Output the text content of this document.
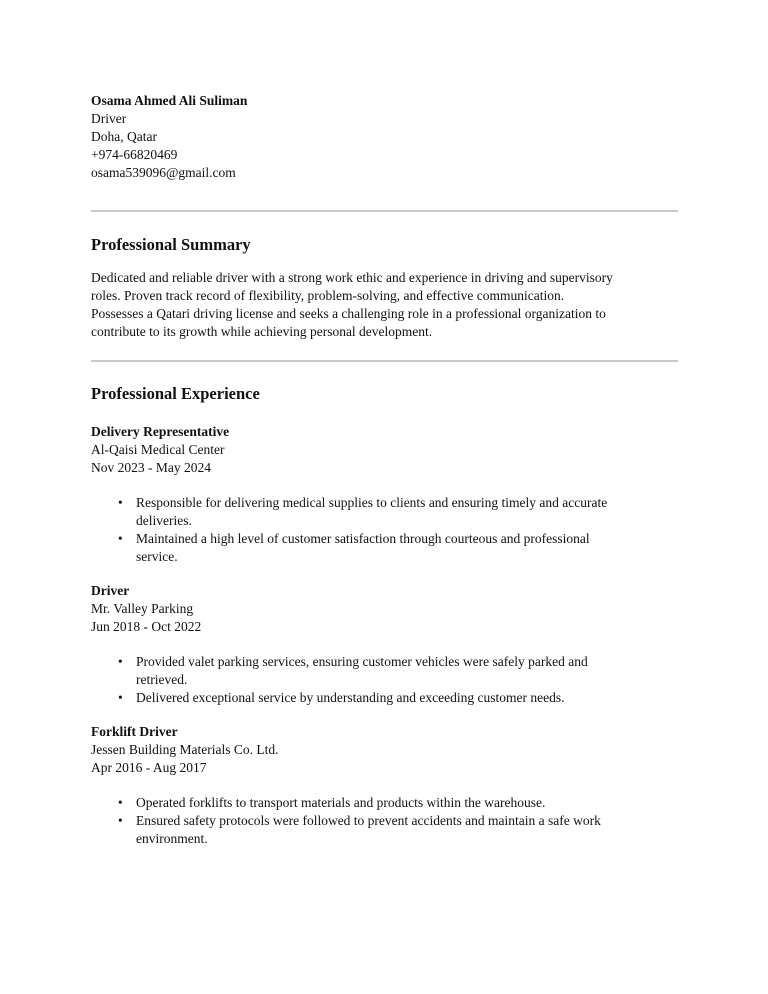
Osama Ahmed Ali Suliman

Driver

Doha, Qatar

+974-66820469

osama539096@gmail.com

Professional Summary

Dedicated and reliable driver with a strong work ethic and experience in driving and supervisory

roles. Proven track record of flexibility, problem-solving, and effective communication.

Possesses a Qatari driving license and seeks a challenging role in a professional organization to

contribute to its growth while achieving personal development.

Professional Experience

Delivery Representative

Al-Qaisi Medical Center

Nov 2023 - May 2024

• Responsible for delivering medical supplies to clients and ensuring timely and accurate
deliveries.
• Maintained a high level of customer satisfaction through courteous and professional
service.

Driver

Mr. Valley Parking

Jun 2018 - Oct 2022

• Provided valet parking services, ensuring customer vehicles were safely parked and
retrieved.
• Delivered exceptional service by understanding and exceeding customer needs.

Forklift Driver

Jessen Building Materials Co. Ltd.

Apr 2016 - Aug 2017

• Operated forklifts to transport materials and products within the warehouse.
• Ensured safety protocols were followed to prevent accidents and maintain a safe work
environment.
